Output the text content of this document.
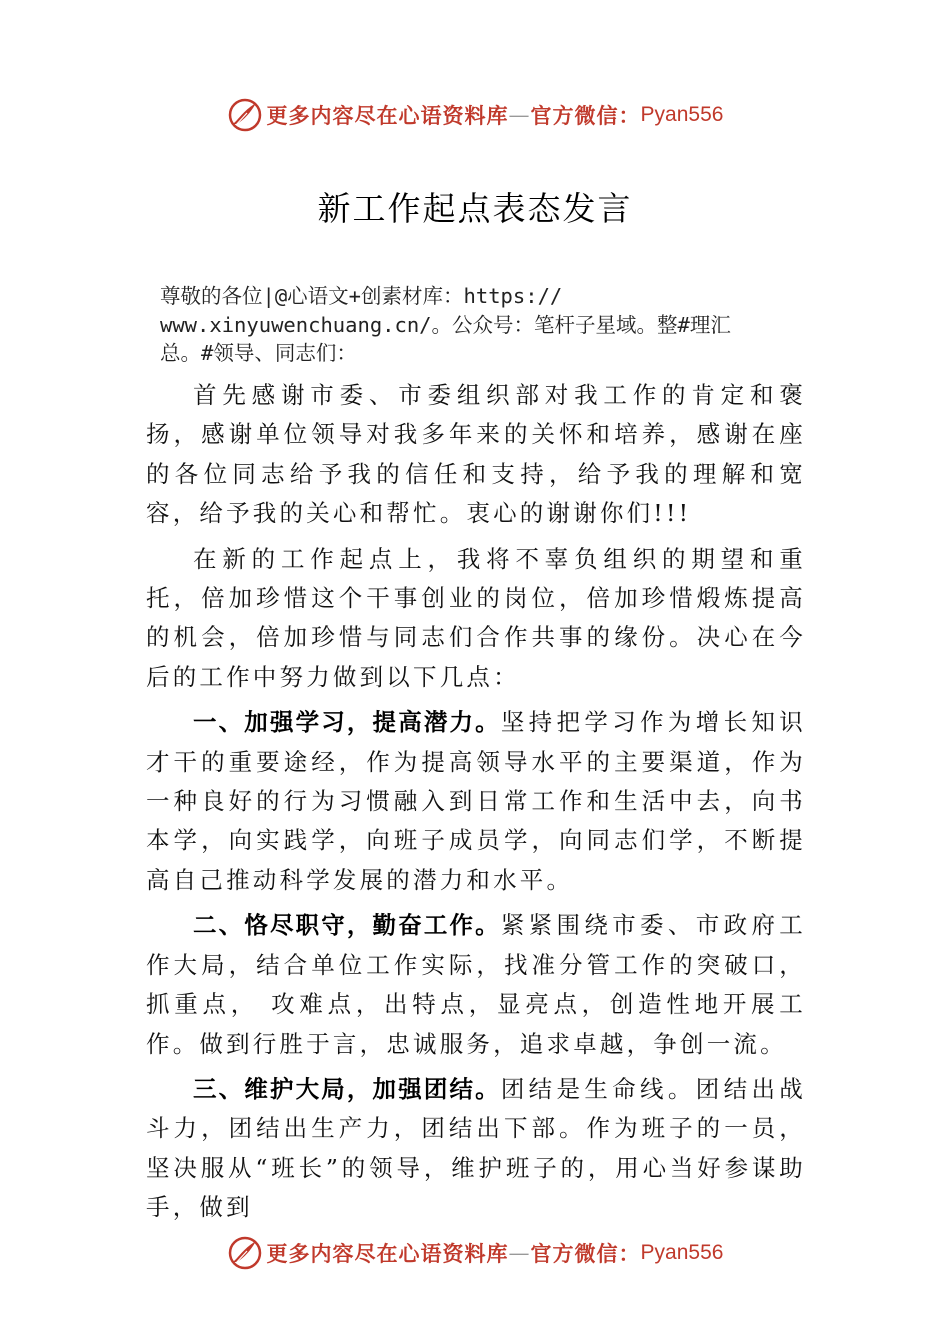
更多内容尽在心语资料库 — 官方微信： Pyan556
新工作起点表态发言
尊敬的各位|@心语文+创素材库：https://
www.xinyuwenchuang.cn/。公众号：笔杆子星域。整#理汇
总。#领导、同志们：

首先感谢市委、市委组织部对我工作的肯定和褒扬，感谢单位领导对我多年来的关怀和培养，感谢在座的各位同志给予我的信任和支持，给予我的理解和宽容，给予我的关心和帮忙。衷心的谢谢你们!!!

在新的工作起点上，我将不辜负组织的期望和重托，倍加珍惜这个干事创业的岗位，倍加珍惜煅炼提高的机会，倍加珍惜与同志们合作共事的缘份。决心在今后的工作中努力做到以下几点：

一、加强学习，提高潜力。坚持把学习作为增长知识才干的重要途经，作为提高领导水平的主要渠道，作为一种良好的行为习惯融入到日常工作和生活中去，向书本学，向实践学，向班子成员学，向同志们学，不断提高自己推动科学发展的潜力和水平。

二、恪尽职守，勤奋工作。紧紧围绕市委、市政府工作大局，结合单位工作实际，找准分管工作的突破口，抓重点， 攻难点，出特点，显亮点，创造性地开展工作。做到行胜于言，忠诚服务，追求卓越，争创一流。

三、维护大局，加强团结。团结是生命线。团结出战斗力，团结出生产力，团结出下部。作为班子的一员，坚决服从“班长”的领导，维护班子的，用心当好参谋助手，做到

更多内容尽在心语资料库 — 官方微信： Pyan556
